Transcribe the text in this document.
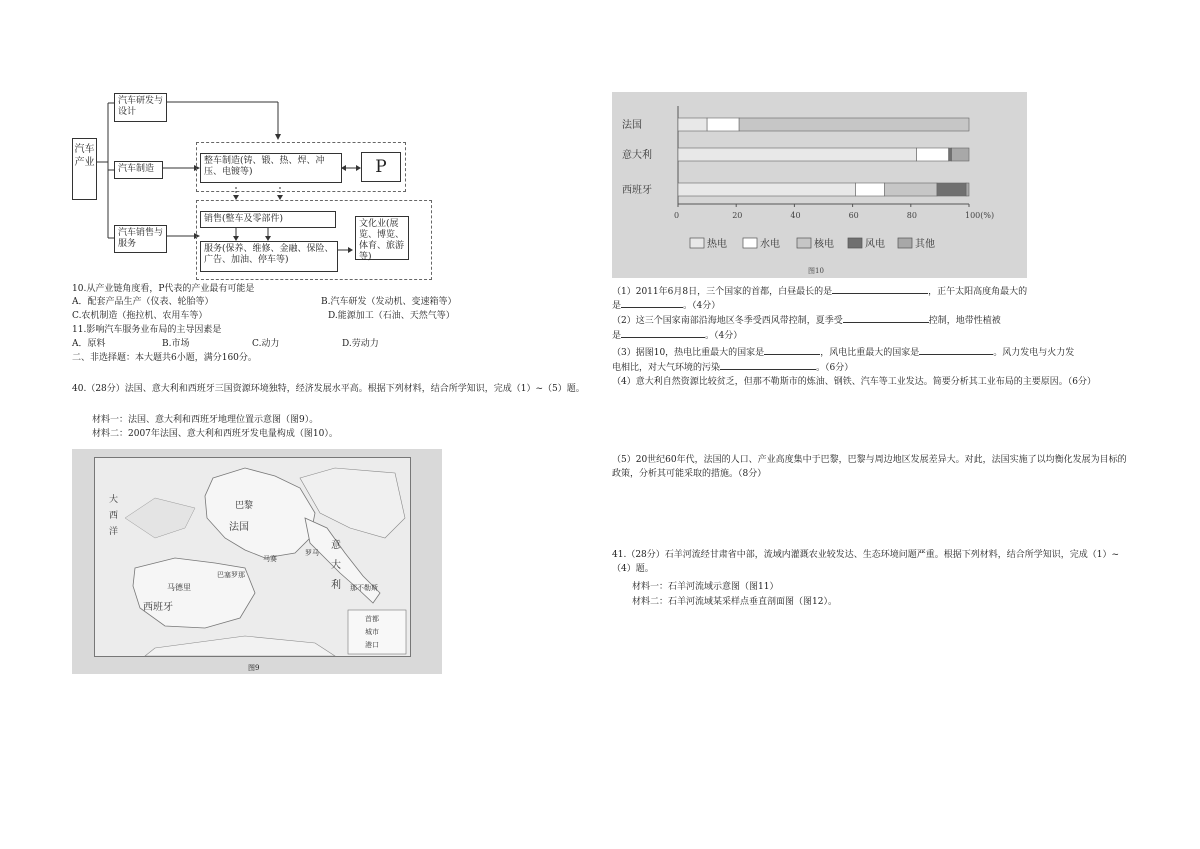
汽车产业
汽车研发与设计
汽车制造
汽车销售与服务
整车制造(铸、锻、热、焊、冲压、电镀等)	P
销售(整车及零部件)
服务(保养、维修、金融、保险、广告、加油、停车等)
文化业(展览、博览、体育、旅游等)
10.从产业链角度看，P代表的产业最有可能是
A．配套产品生产（仪表、轮胎等）	B.汽车研发（发动机、变速箱等）
C.农机制造（拖拉机、农用车等）	D.能源加工（石油、天然气等）
11.影响汽车服务业布局的主导因素是
A．原料	B.市场	C.动力	D.劳动力
二、非选择题：本大题共6小题，满分160分。
40.（28分）法国、意大利和西班牙三国资源环境独特，经济发展水平高。根据下列材料，结合所学知识，完成（1）~（5）题。
材料一：法国、意大利和西班牙地理位置示意图（图9）。
材料二：2007年法国、意大利和西班牙发电量构成（图10）。
大西洋
巴黎
法国
意大利
马赛
罗马
巴塞罗那
马德里
西班牙
那不勒斯
首都
城市
港口
图9
法国
意大利
西班牙
0	20	40	60	80	100(%)
热电	水电	核电	风电	其他
图10
（1）2011年6月8日，三个国家的首都，白昼最长的是	，正午太阳高度角最大的
是	。（4分）
（2）这三个国家南部沿海地区冬季受西风带控制，夏季受	控制，地带性植被
是	。（4分）
（3）据图10，热电比重最大的国家是	，风电比重最大的国家是	。风力发电与火力发
电相比，对大气环境的污染	。（6分）
（4）意大利自然资源比较贫乏，但那不勒斯市的炼油、钢铁、汽车等工业发达。简要分析其工业布局的主要原因。（6分）
（5）20世纪60年代，法国的人口、产业高度集中于巴黎，巴黎与周边地区发展差异大。对此，法国实施了以均衡化发展为目标的政策，分析其可能采取的措施。（8分）
41.（28分）石羊河流经甘肃省中部，流域内灌溉农业较发达、生态环境问题严重。根据下列材料，结合所学知识，完成（1）~（4）题。
材料一：石羊河流域示意图（图11）
材料二：石羊河流域某采样点垂直剖面图（图12）。
